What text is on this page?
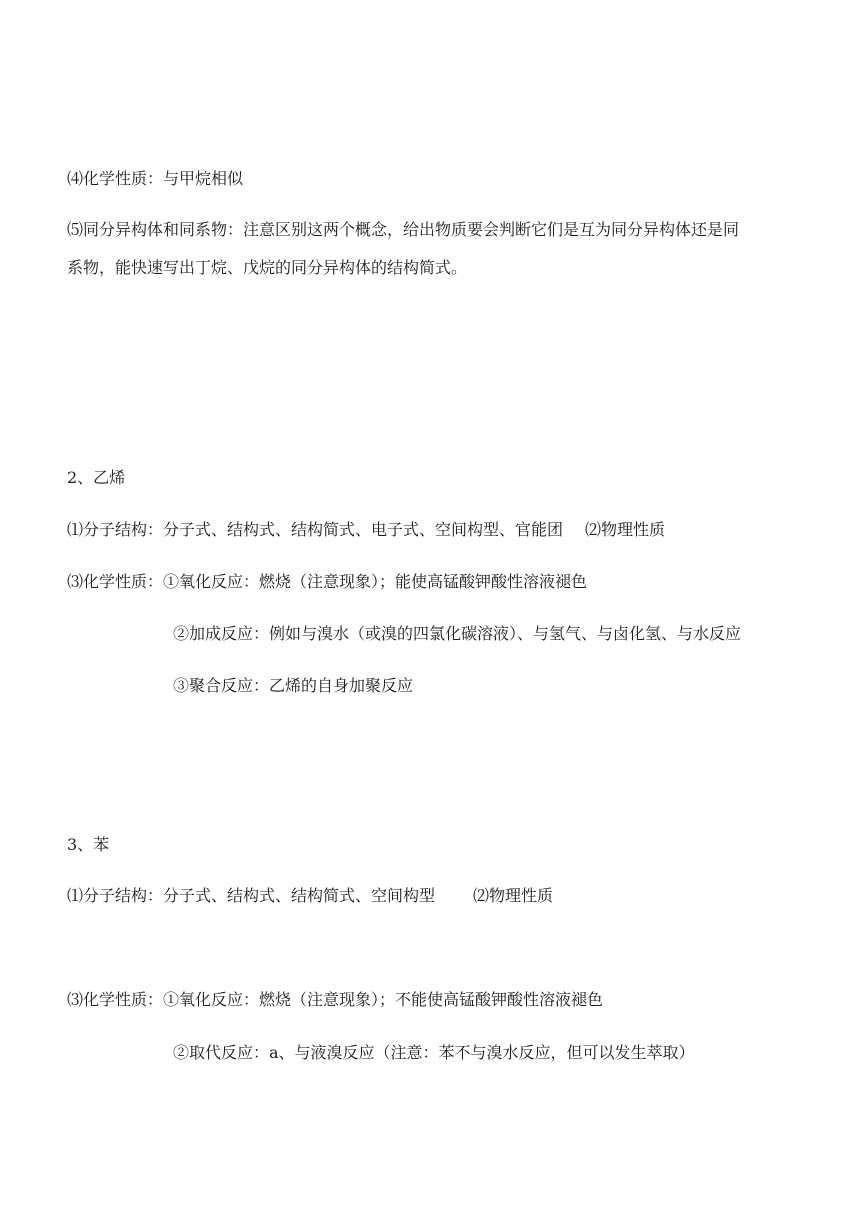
⑷化学性质：与甲烷相似

⑸同分异构体和同系物：注意区别这两个概念，给出物质要会判断它们是互为同分异构体还是同

系物，能快速写出丁烷、戊烷的同分异构体的结构简式。

2、乙烯

⑴分子结构：分子式、结构式、结构简式、电子式、空间构型、官能团 ⑵物理性质

⑶化学性质：①氧化反应：燃烧（注意现象）；能使高锰酸钾酸性溶液褪色

②加成反应：例如与溴水（或溴的四氯化碳溶液）、与氢气、与卤化氢、与水反应

③聚合反应：乙烯的自身加聚反应

3、苯

⑴分子结构：分子式、结构式、结构简式、空间构型 ⑵物理性质

⑶化学性质：①氧化反应：燃烧（注意现象）；不能使高锰酸钾酸性溶液褪色

②取代反应：a、与液溴反应（注意：苯不与溴水反应，但可以发生萃取）
